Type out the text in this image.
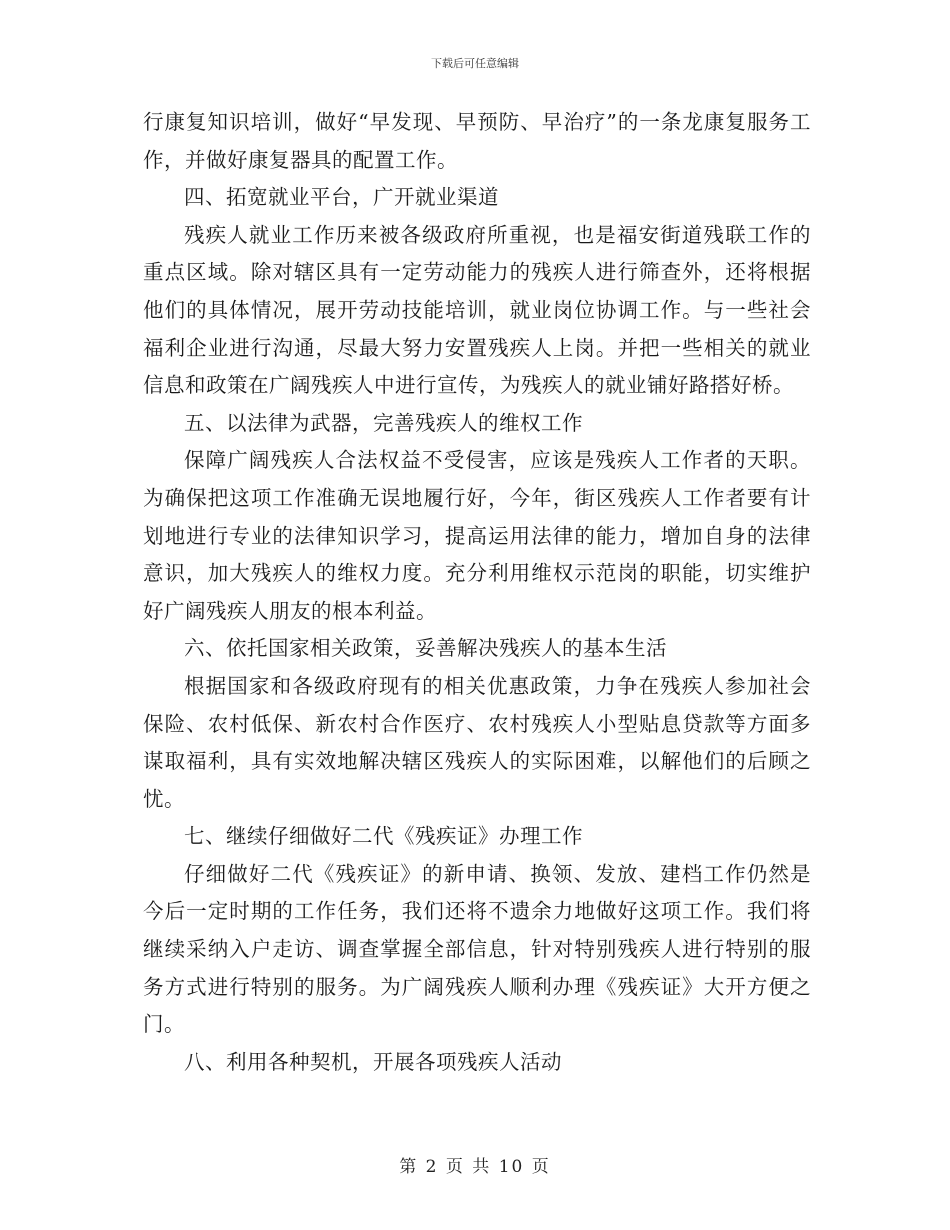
下载后可任意编辑

行康复知识培训，做好“早发现、早预防、早治疗”的一条龙康复服务工作，并做好康复器具的配置工作。

四、拓宽就业平台，广开就业渠道

残疾人就业工作历来被各级政府所重视，也是福安街道残联工作的重点区域。除对辖区具有一定劳动能力的残疾人进行筛查外，还将根据他们的具体情况，展开劳动技能培训，就业岗位协调工作。与一些社会福利企业进行沟通，尽最大努力安置残疾人上岗。并把一些相关的就业信息和政策在广阔残疾人中进行宣传，为残疾人的就业铺好路搭好桥。

五、以法律为武器，完善残疾人的维权工作

保障广阔残疾人合法权益不受侵害，应该是残疾人工作者的天职。为确保把这项工作准确无误地履行好，今年，街区残疾人工作者要有计划地进行专业的法律知识学习，提高运用法律的能力，增加自身的法律意识，加大残疾人的维权力度。充分利用维权示范岗的职能，切实维护好广阔残疾人朋友的根本利益。

六、依托国家相关政策，妥善解决残疾人的基本生活

根据国家和各级政府现有的相关优惠政策，力争在残疾人参加社会保险、农村低保、新农村合作医疗、农村残疾人小型贴息贷款等方面多谋取福利，具有实效地解决辖区残疾人的实际困难，以解他们的后顾之忧。

七、继续仔细做好二代《残疾证》办理工作

仔细做好二代《残疾证》的新申请、换领、发放、建档工作仍然是今后一定时期的工作任务，我们还将不遗余力地做好这项工作。我们将继续采纳入户走访、调查掌握全部信息，针对特别残疾人进行特别的服务方式进行特别的服务。为广阔残疾人顺利办理《残疾证》大开方便之门。

八、利用各种契机，开展各项残疾人活动

第 2 页 共 10 页
